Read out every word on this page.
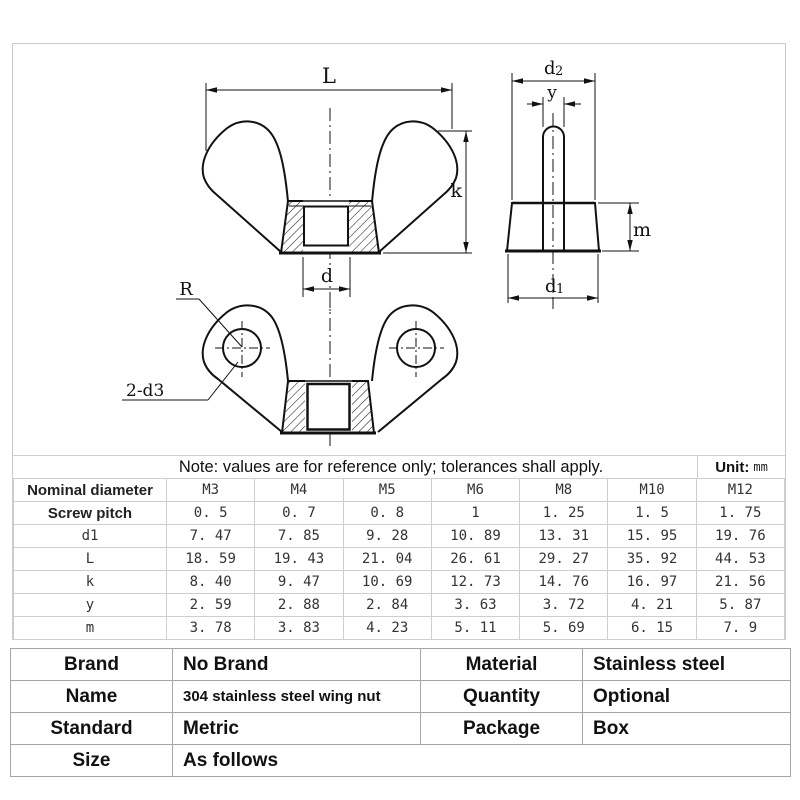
L
k
d
d 2
y
m
d 1
R
2-d3
Note: values are for reference only; tolerances shall apply.	Unit: mm
Nominal diameter	M3	M4	M5	M6	M8	M10	M12
Screw pitch	0. 5	0. 7	0. 8	1	1. 25	1. 5	1. 75
d1	7. 47	7. 85	9. 28	10. 89	13. 31	15. 95	19. 76
L	18. 59	19. 43	21. 04	26. 61	29. 27	35. 92	44. 53
k	8. 40	9. 47	10. 69	12. 73	14. 76	16. 97	21. 56
y	2. 59	2. 88	2. 84	3. 63	3. 72	4. 21	5. 87
m	3. 78	3. 83	4. 23	5. 11	5. 69	6. 15	7. 9
Brand	No Brand	Material	Stainless steel
Name	304 stainless steel wing nut	Quantity	Optional
Standard	Metric	Package	Box
Size	As follows		
